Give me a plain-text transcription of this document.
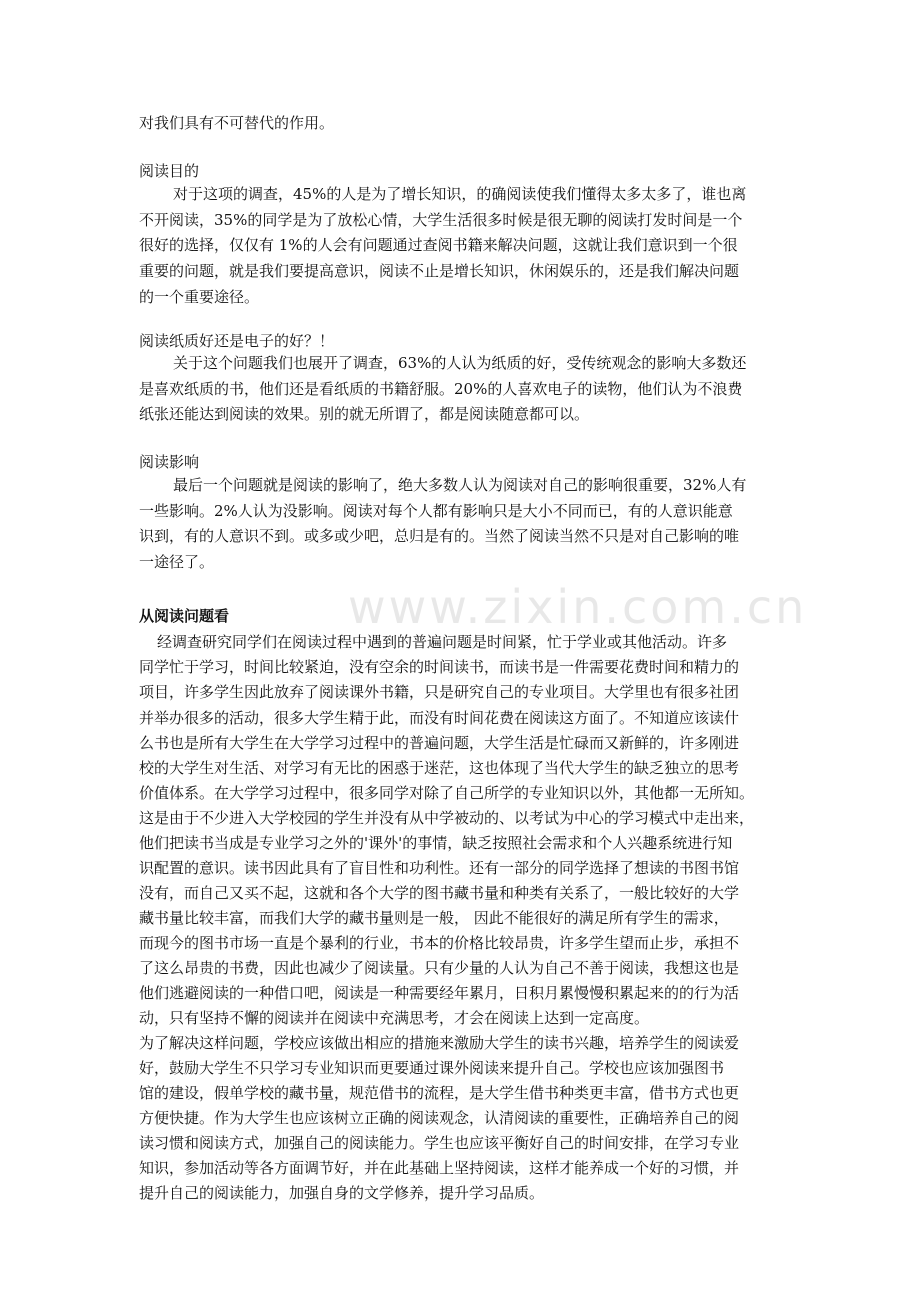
www.zixin.com.cn
对我们具有不可替代的作用。
阅读目的
对于这项的调查，45%的人是为了增长知识，的确阅读使我们懂得太多太多了，谁也离
不开阅读，35%的同学是为了放松心情，大学生活很多时候是很无聊的阅读打发时间是一个
很好的选择，仅仅有 1%的人会有问题通过查阅书籍来解决问题，这就让我们意识到一个很
重要的问题，就是我们要提高意识，阅读不止是增长知识，休闲娱乐的，还是我们解决问题
的一个重要途径。
阅读纸质好还是电子的好？！
关于这个问题我们也展开了调查，63%的人认为纸质的好，受传统观念的影响大多数还
是喜欢纸质的书，他们还是看纸质的书籍舒服。20%的人喜欢电子的读物，他们认为不浪费
纸张还能达到阅读的效果。别的就无所谓了，都是阅读随意都可以。
阅读影响
最后一个问题就是阅读的影响了，绝大多数人认为阅读对自己的影响很重要，32%人有
一些影响。2%人认为没影响。阅读对每个人都有影响只是大小不同而已，有的人意识能意
识到，有的人意识不到。或多或少吧，总归是有的。当然了阅读当然不只是对自己影响的唯
一途径了。
从阅读问题看
经调查研究同学们在阅读过程中遇到的普遍问题是时间紧，忙于学业或其他活动。许多
同学忙于学习，时间比较紧迫，没有空余的时间读书，而读书是一件需要花费时间和精力的
项目，许多学生因此放弃了阅读课外书籍，只是研究自己的专业项目。大学里也有很多社团
并举办很多的活动，很多大学生精于此，而没有时间花费在阅读这方面了。不知道应该读什
么书也是所有大学生在大学学习过程中的普遍问题，大学生活是忙碌而又新鲜的，许多刚进
校的大学生对生活、对学习有无比的困惑于迷茫，这也体现了当代大学生的缺乏独立的思考
价值体系。在大学学习过程中，很多同学对除了自己所学的专业知识以外，其他都一无所知。
这是由于不少进入大学校园的学生并没有从中学被动的、以考试为中心的学习模式中走出来，
他们把读书当成是专业学习之外的'课外'的事情，缺乏按照社会需求和个人兴趣系统进行知
识配置的意识。读书因此具有了盲目性和功利性。还有一部分的同学选择了想读的书图书馆
没有，而自己又买不起，这就和各个大学的图书藏书量和种类有关系了，一般比较好的大学
藏书量比较丰富，而我们大学的藏书量则是一般， 因此不能很好的满足所有学生的需求，
而现今的图书市场一直是个暴利的行业，书本的价格比较昂贵，许多学生望而止步，承担不
了这么昂贵的书费，因此也减少了阅读量。只有少量的人认为自己不善于阅读，我想这也是
他们逃避阅读的一种借口吧，阅读是一种需要经年累月，日积月累慢慢积累起来的的行为活
动，只有坚持不懈的阅读并在阅读中充满思考，才会在阅读上达到一定高度。
为了解决这样问题，学校应该做出相应的措施来激励大学生的读书兴趣，培养学生的阅读爱
好，鼓励大学生不只学习专业知识而更要通过课外阅读来提升自己。学校也应该加强图书
馆的建设，假单学校的藏书量，规范借书的流程，是大学生借书种类更丰富，借书方式也更
方便快捷。作为大学生也应该树立正确的阅读观念，认清阅读的重要性，正确培养自己的阅
读习惯和阅读方式，加强自己的阅读能力。学生也应该平衡好自己的时间安排，在学习专业
知识，参加活动等各方面调节好，并在此基础上坚持阅读，这样才能养成一个好的习惯，并
提升自己的阅读能力，加强自身的文学修养，提升学习品质。
